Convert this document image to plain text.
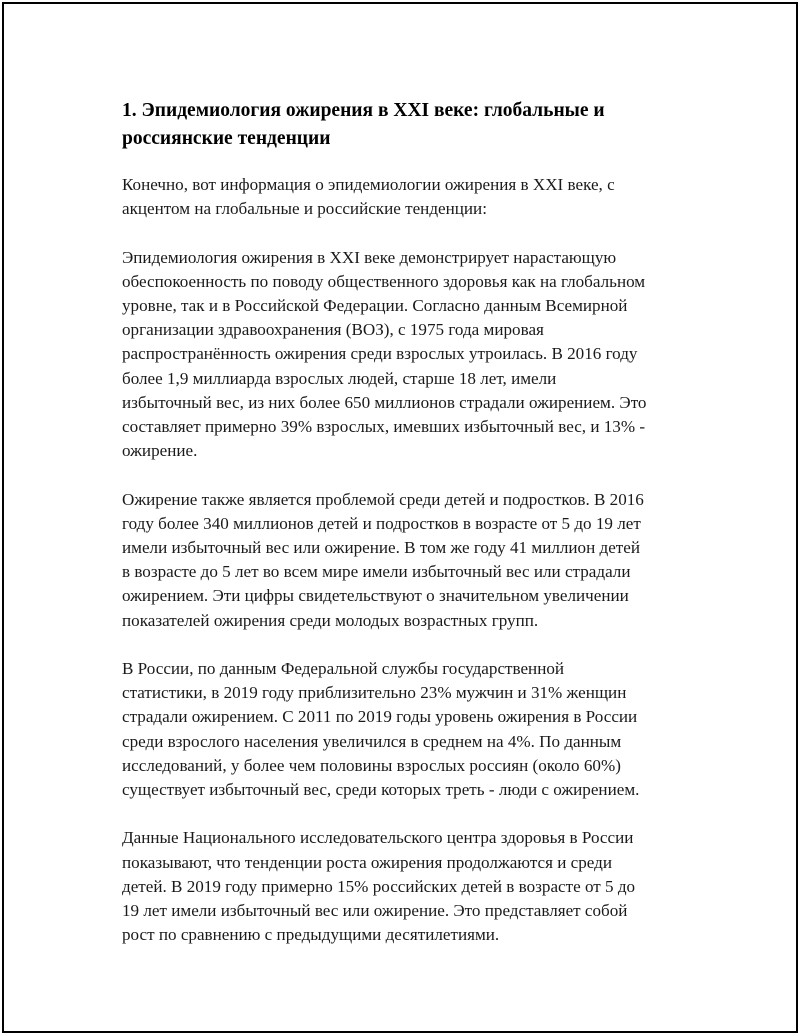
1. Эпидемиология ожирения в XXI веке: глобальные и
россиянские тенденции

Конечно, вот информация о эпидемиологии ожирения в XXI веке, с
акцентом на глобальные и российские тенденции:

Эпидемиология ожирения в XXI веке демонстрирует нарастающую
обеспокоенность по поводу общественного здоровья как на глобальном
уровне, так и в Российской Федерации. Согласно данным Всемирной
организации здравоохранения (ВОЗ), с 1975 года мировая
распространённость ожирения среди взрослых утроилась. В 2016 году
более 1,9 миллиарда взрослых людей, старше 18 лет, имели
избыточный вес, из них более 650 миллионов страдали ожирением. Это
составляет примерно 39% взрослых, имевших избыточный вес, и 13% -
ожирение.

Ожирение также является проблемой среди детей и подростков. В 2016
году более 340 миллионов детей и подростков в возрасте от 5 до 19 лет
имели избыточный вес или ожирение. В том же году 41 миллион детей
в возрасте до 5 лет во всем мире имели избыточный вес или страдали
ожирением. Эти цифры свидетельствуют о значительном увеличении
показателей ожирения среди молодых возрастных групп.

В России, по данным Федеральной службы государственной
статистики, в 2019 году приблизительно 23% мужчин и 31% женщин
страдали ожирением. С 2011 по 2019 годы уровень ожирения в России
среди взрослого населения увеличился в среднем на 4%. По данным
исследований, у более чем половины взрослых россиян (около 60%)
существует избыточный вес, среди которых треть - люди с ожирением.

Данные Национального исследовательского центра здоровья в России
показывают, что тенденции роста ожирения продолжаются и среди
детей. В 2019 году примерно 15% российских детей в возрасте от 5 до
19 лет имели избыточный вес или ожирение. Это представляет собой
рост по сравнению с предыдущими десятилетиями.
